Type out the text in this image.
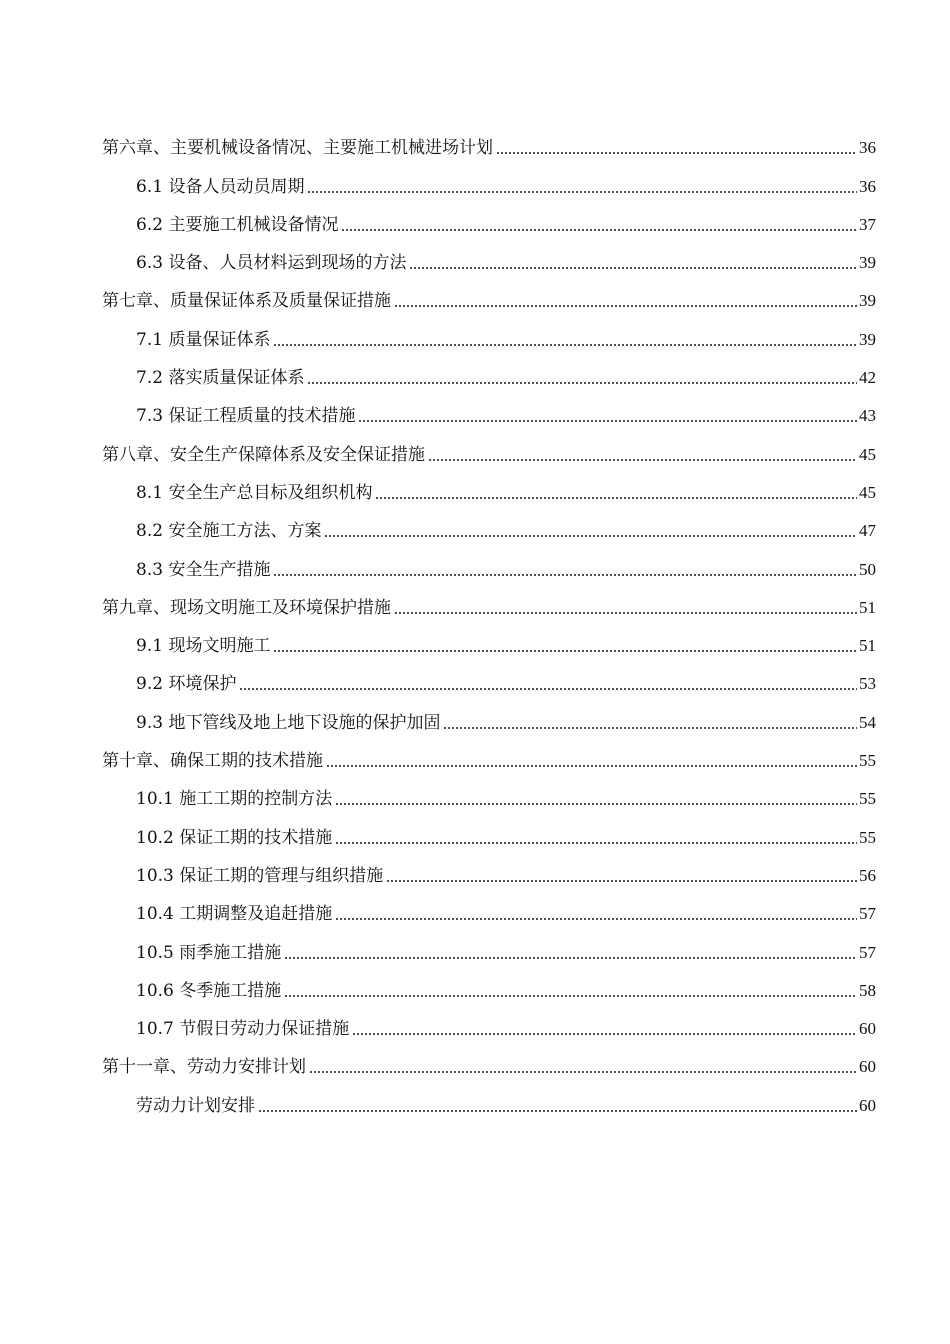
第六章、主要机械设备情况、主要施工机械进场计划	36
6.1 设备人员动员周期	36
6.2 主要施工机械设备情况	37
6.3 设备、人员材料运到现场的方法	39
第七章、质量保证体系及质量保证措施	39
7.1 质量保证体系	39
7.2 落实质量保证体系	42
7.3 保证工程质量的技术措施	43
第八章、安全生产保障体系及安全保证措施	45
8.1 安全生产总目标及组织机构	45
8.2 安全施工方法、方案	47
8.3 安全生产措施	50
第九章、现场文明施工及环境保护措施	51
9.1 现场文明施工	51
9.2 环境保护	53
9.3 地下管线及地上地下设施的保护加固	54
第十章、确保工期的技术措施	55
10.1 施工工期的控制方法	55
10.2 保证工期的技术措施	55
10.3 保证工期的管理与组织措施	56
10.4 工期调整及追赶措施	57
10.5 雨季施工措施	57
10.6 冬季施工措施	58
10.7 节假日劳动力保证措施	60
第十一章、劳动力安排计划	60
劳动力计划安排	60
